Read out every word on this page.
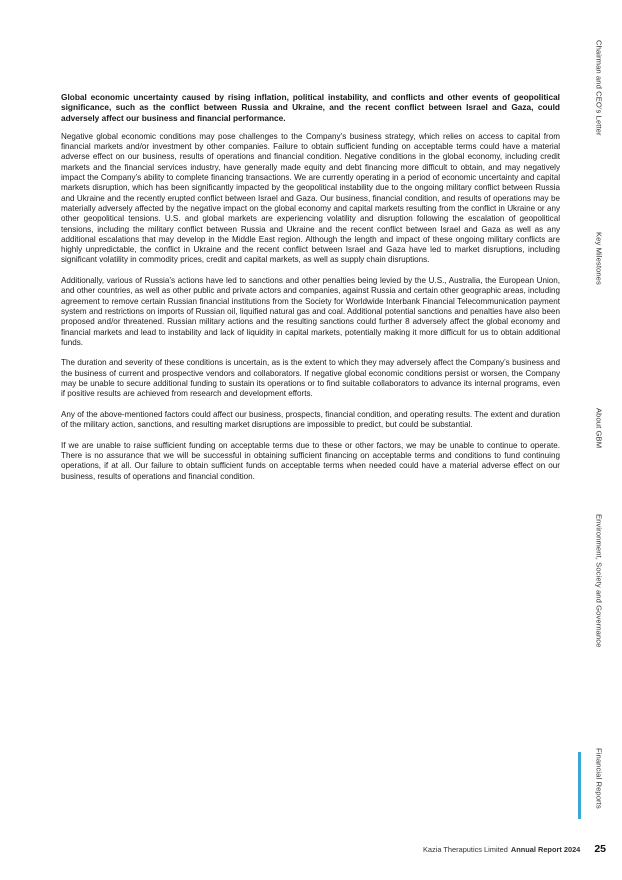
Global economic uncertainty caused by rising inflation, political instability, and conflicts and other events of geopolitical significance, such as the conflict between Russia and Ukraine, and the recent conflict between Israel and Gaza, could adversely affect our business and financial performance.

Negative global economic conditions may pose challenges to the Company’s business strategy, which relies on access to capital from financial markets and/or investment by other companies. Failure to obtain sufficient funding on acceptable terms could have a material adverse effect on our business, results of operations and financial condition. Negative conditions in the global economy, including credit markets and the financial services industry, have generally made equity and debt financing more difficult to obtain, and may negatively impact the Company’s ability to complete financing transactions. We are currently operating in a period of economic uncertainty and capital markets disruption, which has been significantly impacted by the geopolitical instability due to the ongoing military conflict between Russia and Ukraine and the recently erupted conflict between Israel and Gaza. Our business, financial condition, and results of operations may be materially adversely affected by the negative impact on the global economy and capital markets resulting from the conflict in Ukraine or any other geopolitical tensions. U.S. and global markets are experiencing volatility and disruption following the escalation of geopolitical tensions, including the military conflict between Russia and Ukraine and the recent conflict between Israel and Gaza as well as any additional escalations that may develop in the Middle East region. Although the length and impact of these ongoing military conflicts are highly unpredictable, the conflict in Ukraine and the recent conflict between Israel and Gaza have led to market disruptions, including significant volatility in commodity prices, credit and capital markets, as well as supply chain disruptions.

Additionally, various of Russia’s actions have led to sanctions and other penalties being levied by the U.S., Australia, the European Union, and other countries, as well as other public and private actors and companies, against Russia and certain other geographic areas, including agreement to remove certain Russian financial institutions from the Society for Worldwide Interbank Financial Telecommunication payment system and restrictions on imports of Russian oil, liquified natural gas and coal. Additional potential sanctions and penalties have also been proposed and/or threatened. Russian military actions and the resulting sanctions could further 8 adversely affect the global economy and financial markets and lead to instability and lack of liquidity in capital markets, potentially making it more difficult for us to obtain additional funds.

The duration and severity of these conditions is uncertain, as is the extent to which they may adversely affect the Company’s business and the business of current and prospective vendors and collaborators. If negative global economic conditions persist or worsen, the Company may be unable to secure additional funding to sustain its operations or to find suitable collaborators to advance its internal programs, even if positive results are achieved from research and development efforts.

Any of the above-mentioned factors could affect our business, prospects, financial condition, and operating results. The extent and duration of the military action, sanctions, and resulting market disruptions are impossible to predict, but could be substantial.

If we are unable to raise sufficient funding on acceptable terms due to these or other factors, we may be unable to continue to operate. There is no assurance that we will be successful in obtaining sufficient financing on acceptable terms and conditions to fund continuing operations, if at all. Our failure to obtain sufficient funds on acceptable terms when needed could have a material adverse effect on our business, results of operations and financial condition.

Chairman and CEO’s Letter
Key Milestones
About GBM
Environment, Society and Governance
Financial Reports
Kazia Theraputics Limited Annual Report 2024 25
